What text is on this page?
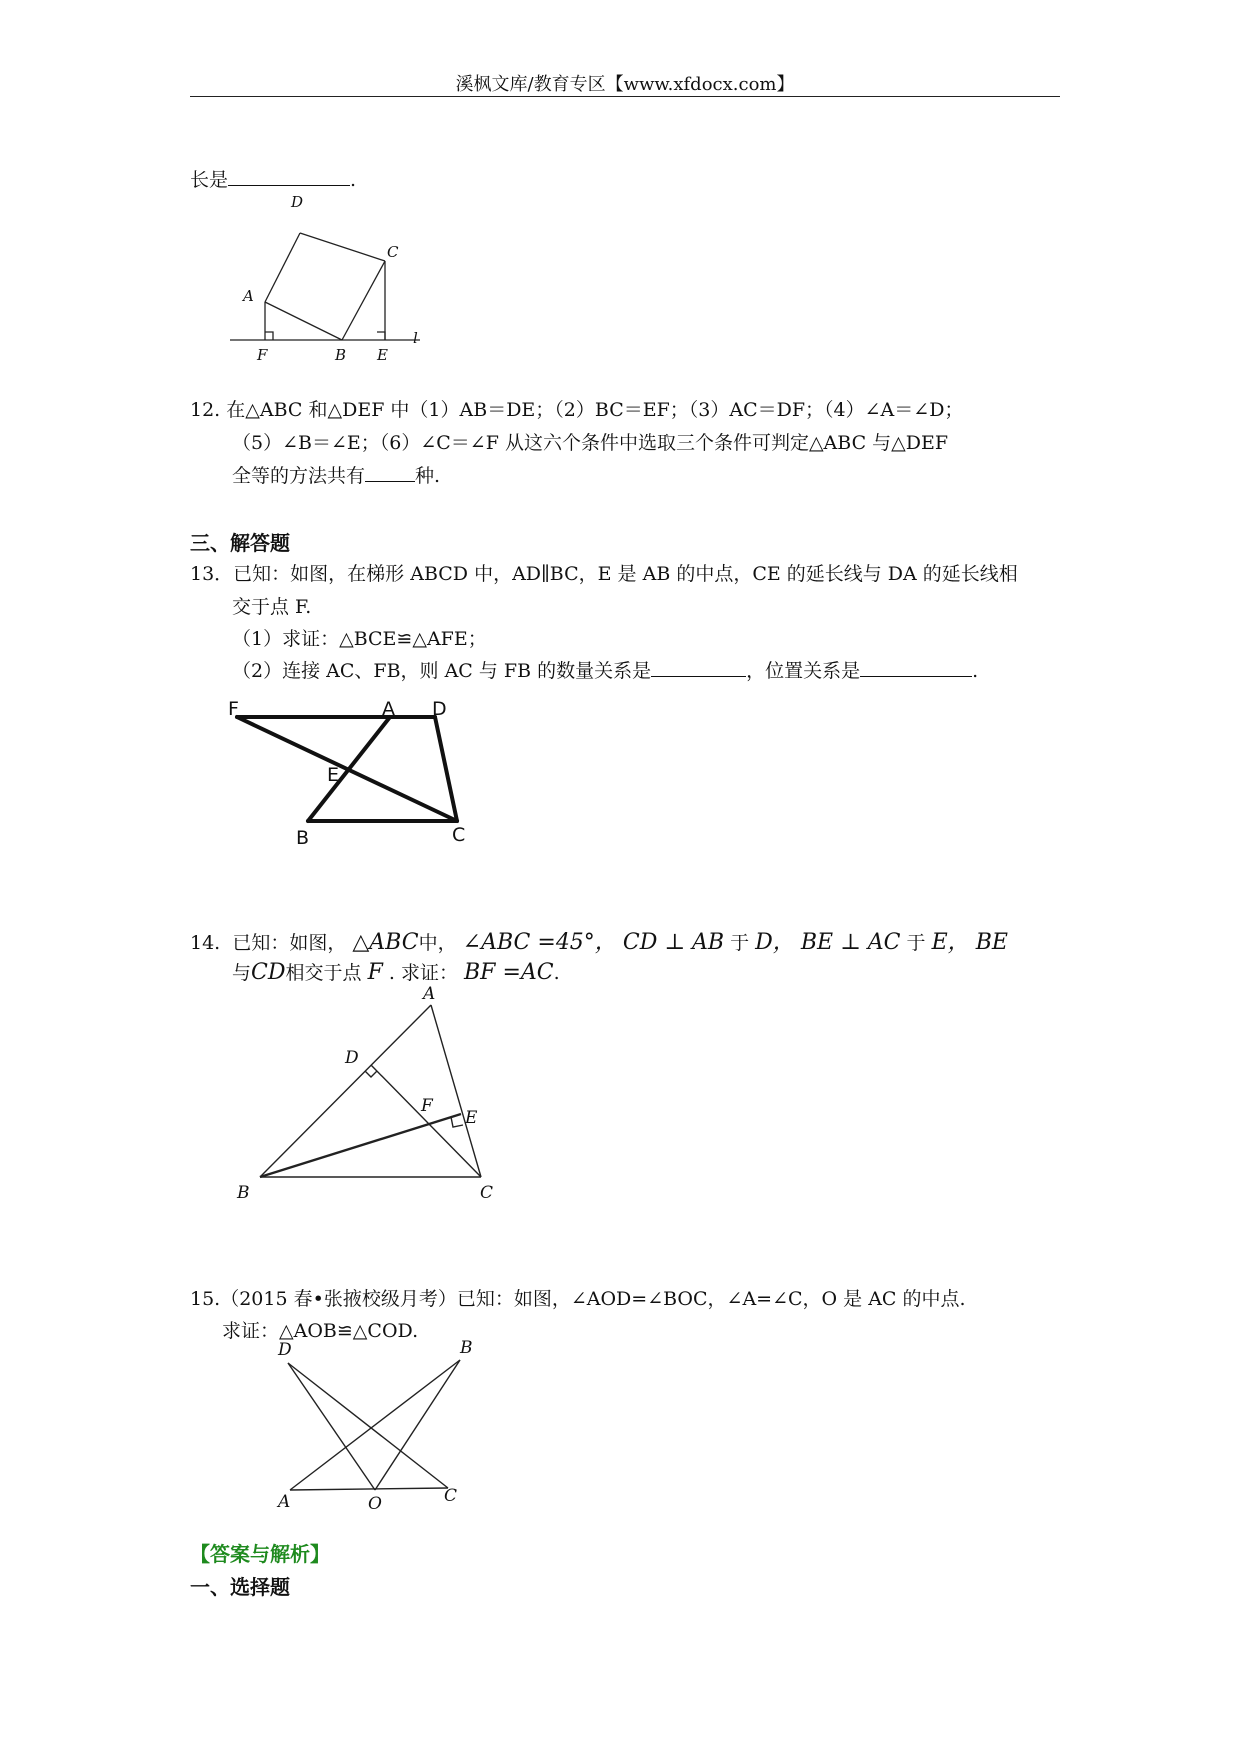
溪枫文库/教育专区【www.xfdocx.com】
长是	.
D
C
A
F	B E
l
12. 在△ABC 和△DEF 中（1）AB＝DE；（2）BC＝EF；（3）AC＝DF；（4）∠A＝∠D；
（5）∠B＝∠E；（6）∠C＝∠F 从这六个条件中选取三个条件可判定△ABC 与△DEF
全等的方法共有	种.
三、解答题
13．已知：如图，在梯形 ABCD 中，AD∥BC，E 是 AB 的中点，CE 的延长线与 DA 的延长线相
交于点 F.
（1）求证：△BCE≌△AFE；
（2）连接 AC、FB，则 AC 与 FB 的数量关系是	，位置关系是	.
F	A D
E
B	C
14. 已知：如图， △ABC中， ∠ABC =45°， CD ⊥ AB 于 D， BE ⊥ AC 于 E， BE
与CD相交于点 F . 求证： BF =AC.
A
D
F
E
B	C
15.（2015 春•张掖校级月考）已知：如图，∠AOD=∠BOC，∠A=∠C，O 是 AC 的中点.
求证：△AOB≌△COD.
D	B
A	O	C
【答案与解析】
一、选择题
